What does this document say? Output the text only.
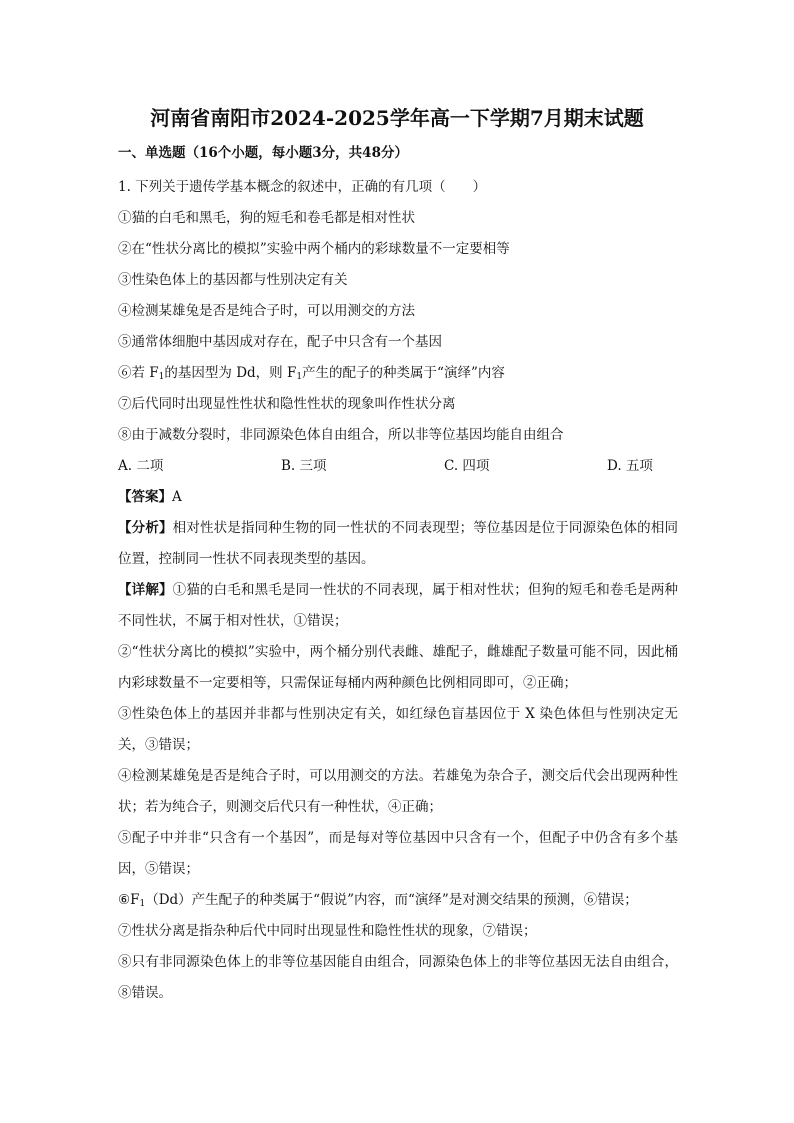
河南省南阳市2024-2025学年高一下学期7月期末试题
一、单选题（16个小题，每小题3分，共48分）
1. 下列关于遗传学基本概念的叙述中，正确的有几项（　　）
①猫的白毛和黑毛，狗的短毛和卷毛都是相对性状
②在“性状分离比的模拟”实验中两个桶内的彩球数量不一定要相等
③性染色体上的基因都与性别决定有关
④检测某雄兔是否是纯合子时，可以用测交的方法
⑤通常体细胞中基因成对存在，配子中只含有一个基因
⑥若 $F_1$的基因型为 Dd，则 $F_1$产生的配子的种类属于“演绎”内容
⑦后代同时出现显性性状和隐性性状的现象叫作性状分离
⑧由于减数分裂时，非同源染色体自由组合，所以非等位基因均能自由组合
A. 二项	B. 三项	C. 四项	D. 五项
【答案】A
【分析】相对性状是指同种生物的同一性状的不同表现型；等位基因是位于同源染色体的相同位置，控制同一性状不同表现类型的基因。
【详解】①猫的白毛和黑毛是同一性状的不同表现，属于相对性状；但狗的短毛和卷毛是两种不同性状，不属于相对性状，①错误；
②“性状分离比的模拟”实验中，两个桶分别代表雌、雄配子，雌雄配子数量可能不同，因此桶内彩球数量不一定要相等，只需保证每桶内两种颜色比例相同即可，②正确；
③性染色体上的基因并非都与性别决定有关，如红绿色盲基因位于 X 染色体但与性别决定无关，③错误；
④检测某雄兔是否是纯合子时，可以用测交的方法。若雄兔为杂合子，测交后代会出现两种性状；若为纯合子，则测交后代只有一种性状，④正确；
⑤配子中并非“只含有一个基因”，而是每对等位基因中只含有一个，但配子中仍含有多个基因，⑤错误；
$⑥F_1(Dd)$产生配子的种类属于“假说”内容，而“演绎”是对测交结果的预测，⑥错误；
⑦性状分离是指杂种后代中同时出现显性和隐性性状的现象，⑦错误；
⑧只有非同源染色体上的非等位基因能自由组合，同源染色体上的非等位基因无法自由组合，⑧错误。
